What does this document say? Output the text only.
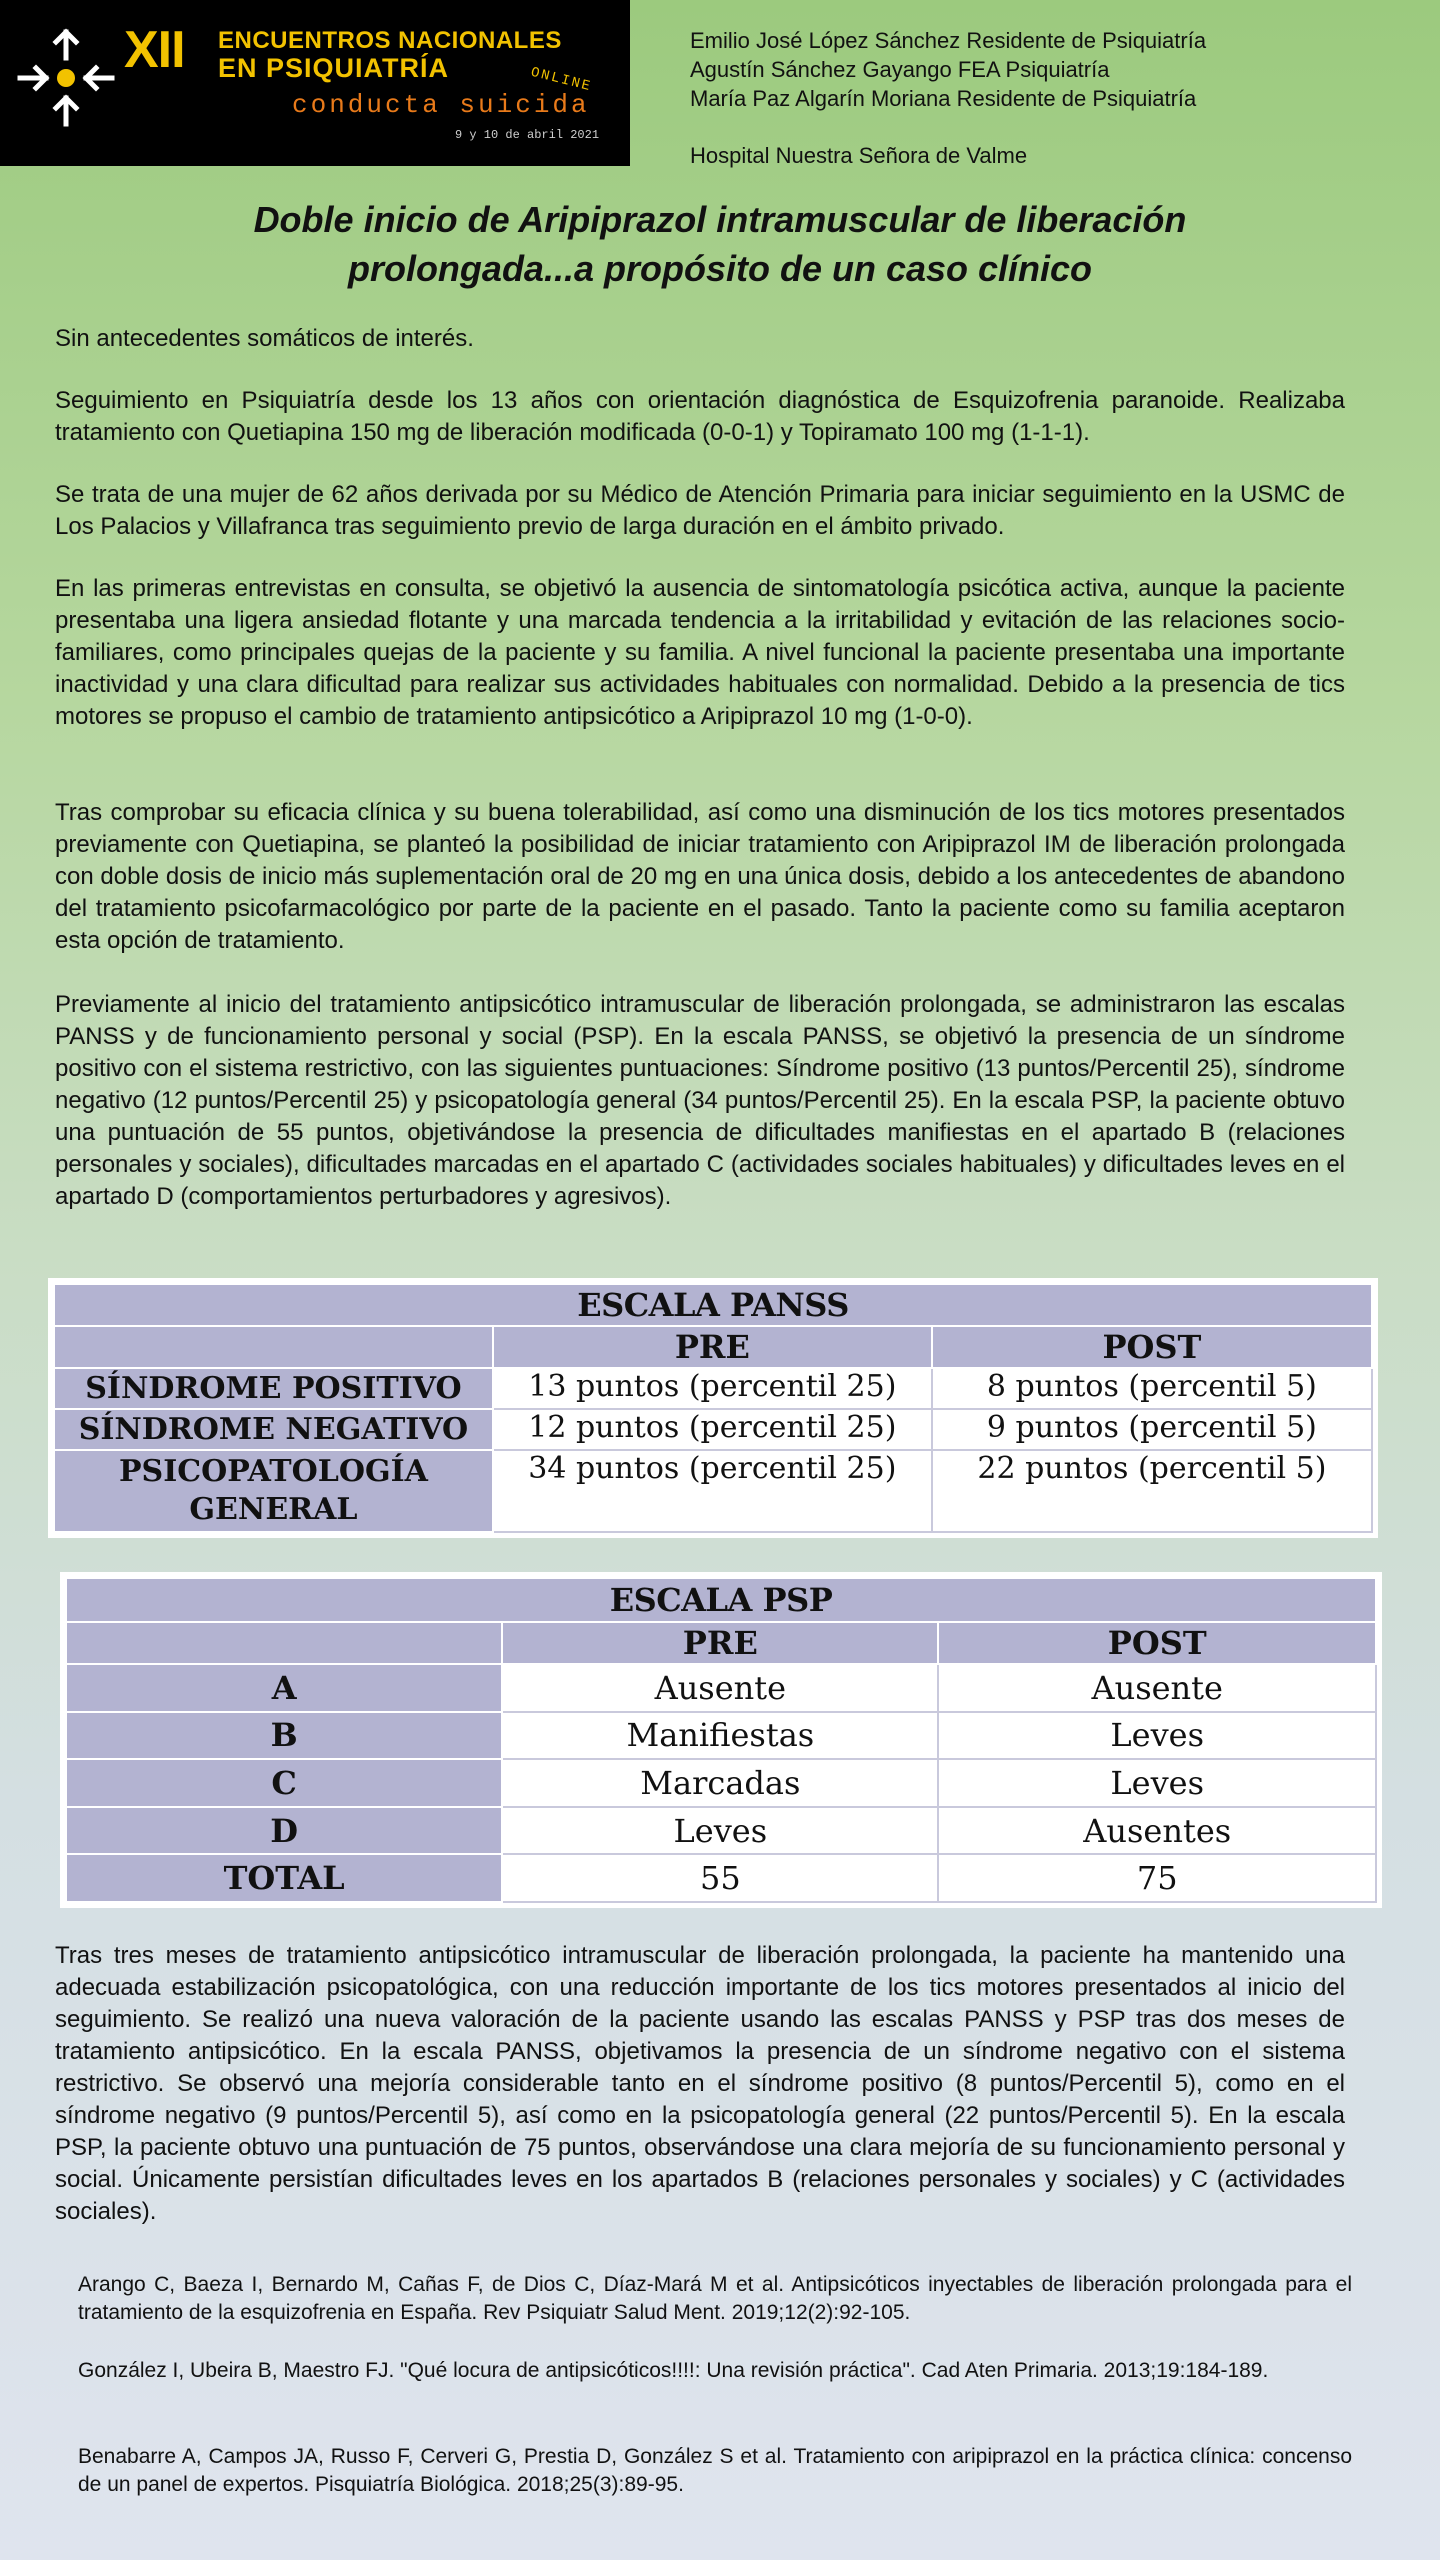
XII ENCUENTROS NACIONALES
EN PSIQUIATRÍA	ONLINE
conducta suicida
9 y 10 de abril 2021
Emilio José López Sánchez Residente de Psiquiatría
Agustín Sánchez Gayango FEA Psiquiatría
María Paz Algarín Moriana Residente de Psiquiatría
Hospital Nuestra Señora de Valme
Doble inicio de Aripiprazol intramuscular de liberación
prolongada...a propósito de un caso clínico
Sin antecedentes somáticos de interés.
Seguimiento en Psiquiatría desde los 13 años con orientación diagnóstica de Esquizofrenia paranoide. Realizaba tratamiento con Quetiapina 150 mg de liberación modificada (0-0-1) y Topiramato 100 mg (1-1-1).
Se trata de una mujer de 62 años derivada por su Médico de Atención Primaria para iniciar seguimiento en la USMC de Los Palacios y Villafranca tras seguimiento previo de larga duración en el ámbito privado.
En las primeras entrevistas en consulta, se objetivó la ausencia de sintomatología psicótica activa, aunque la paciente presentaba una ligera ansiedad flotante y una marcada tendencia a la irritabilidad y evitación de las relaciones socio-familiares, como principales quejas de la paciente y su familia. A nivel funcional la paciente presentaba una importante inactividad y una clara dificultad para realizar sus actividades habituales con normalidad. Debido a la presencia de tics motores se propuso el cambio de tratamiento antipsicótico a Aripiprazol 10 mg (1-0-0).
Tras comprobar su eficacia clínica y su buena tolerabilidad, así como una disminución de los tics motores presentados previamente con Quetiapina, se planteó la posibilidad de iniciar tratamiento con Aripiprazol IM de liberación prolongada con doble dosis de inicio más suplementación oral de 20 mg en una única dosis, debido a los antecedentes de abandono del tratamiento psicofarmacológico por parte de la paciente en el pasado. Tanto la paciente como su familia aceptaron esta opción de tratamiento.
Previamente al inicio del tratamiento antipsicótico intramuscular de liberación prolongada, se administraron las escalas PANSS y de funcionamiento personal y social (PSP). En la escala PANSS, se objetivó la presencia de un síndrome positivo con el sistema restrictivo, con las siguientes puntuaciones: Síndrome positivo (13 puntos/Percentil 25), síndrome negativo (12 puntos/Percentil 25) y psicopatología general (34 puntos/Percentil 25). En la escala PSP, la paciente obtuvo una puntuación de 55 puntos, objetivándose la presencia de dificultades manifiestas en el apartado B (relaciones personales y sociales), dificultades marcadas en el apartado C (actividades sociales habituales) y dificultades leves en el apartado D (comportamientos perturbadores y agresivos).
ESCALA PANSS		
	PRE	POST
SÍNDROME POSITIVO	13 puntos (percentil 25)	8 puntos (percentil 5)
SÍNDROME NEGATIVO	12 puntos (percentil 25)	9 puntos (percentil 5)
PSICOPATOLOGÍA GENERAL	34 puntos (percentil 25)	22 puntos (percentil 5)
ESCALA PSP		
	PRE	POST
A	Ausente	Ausente
B	Manifiestas	Leves
C	Marcadas	Leves
D	Leves	Ausentes
TOTAL	55	75
Tras tres meses de tratamiento antipsicótico intramuscular de liberación prolongada, la paciente ha mantenido una adecuada estabilización psicopatológica, con una reducción importante de los tics motores presentados al inicio del seguimiento. Se realizó una nueva valoración de la paciente usando las escalas PANSS y PSP tras dos meses de tratamiento antipsicótico. En la escala PANSS, objetivamos la presencia de un síndrome negativo con el sistema restrictivo. Se observó una mejoría considerable tanto en el síndrome positivo (8 puntos/Percentil 5), como en el síndrome negativo (9 puntos/Percentil 5), así como en la psicopatología general (22 puntos/Percentil 5). En la escala PSP, la paciente obtuvo una puntuación de 75 puntos, observándose una clara mejoría de su funcionamiento personal y social. Únicamente persistían dificultades leves en los apartados B (relaciones personales y sociales) y C (actividades sociales).
Arango C, Baeza I, Bernardo M, Cañas F, de Dios C, Díaz-Mará M et al. Antipsicóticos inyectables de liberación prolongada para el tratamiento de la esquizofrenia en España. Rev Psiquiatr Salud Ment. 2019;12(2):92-105.
González I, Ubeira B, Maestro FJ. "Qué locura de antipsicóticos!!!!: Una revisión práctica". Cad Aten Primaria. 2013;19:184-189.
Benabarre A, Campos JA, Russo F, Cerveri G, Prestia D, González S et al. Tratamiento con aripiprazol en la práctica clínica: concenso de un panel de expertos. Pisquiatría Biológica. 2018;25(3):89-95.
